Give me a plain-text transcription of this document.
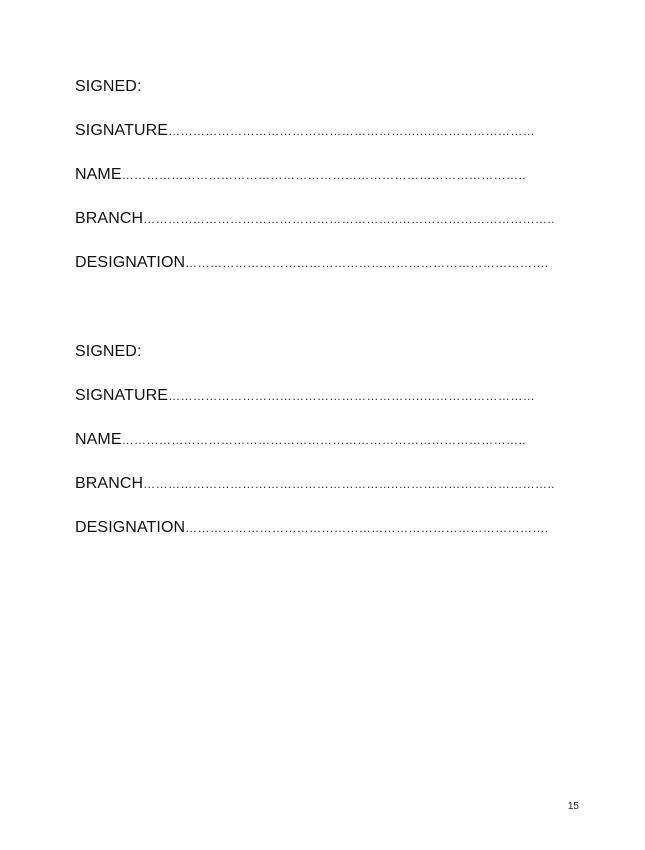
SIGNED:
SIGNATURE ……………………………………………………..………………………
NAME ……………………………………………………………………………………..
BRANCH ……………………………………………………..………………………………..
DESIGNATION …………………………………………………………………………….
SIGNED:
SIGNATURE ……………………………………………………..………………………
NAME ……………………………………………………………………………………..
BRANCH ……………………………………………………..………………………………..
DESIGNATION …………………………………………………………………………….
15
